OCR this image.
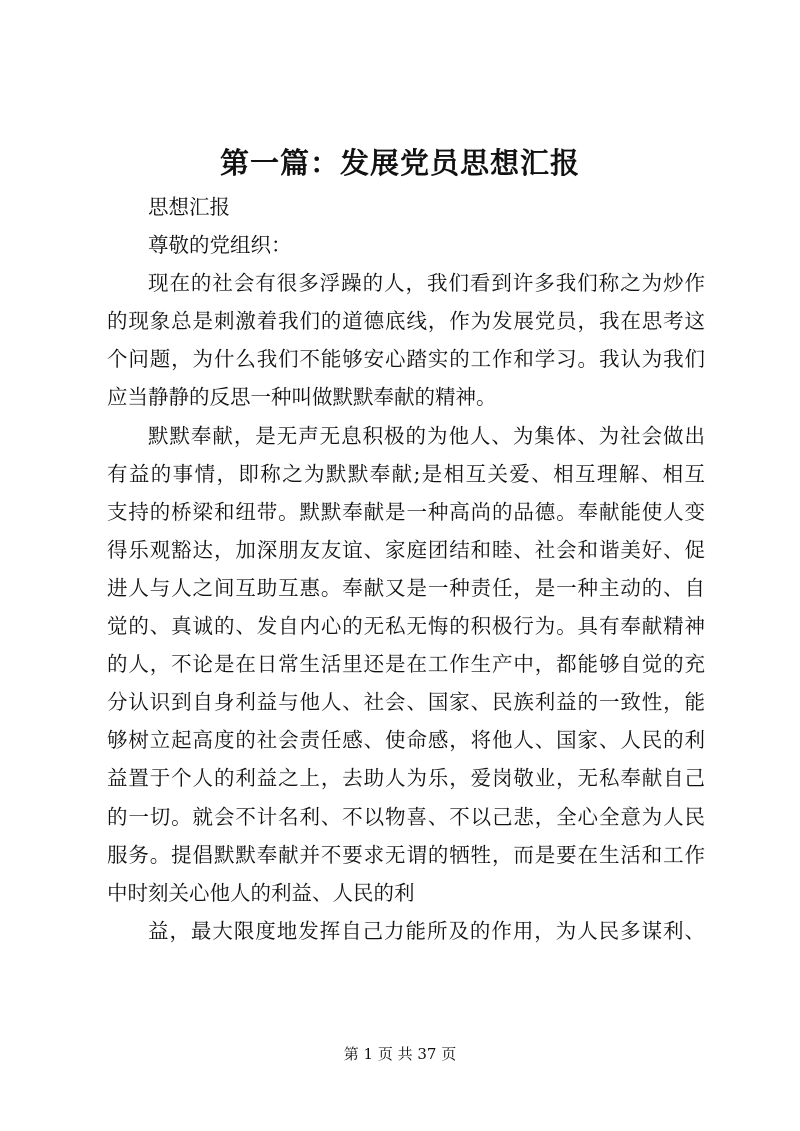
第一篇：发展党员思想汇报
思想汇报
尊敬的党组织：
现在的社会有很多浮躁的人，我们看到许多我们称之为炒作
的现象总是刺激着我们的道德底线，作为发展党员，我在思考这
个问题，为什么我们不能够安心踏实的工作和学习。我认为我们
应当静静的反思一种叫做默默奉献的精神。
默默奉献，是无声无息积极的为他人、为集体、为社会做出
有益的事情，即称之为默默奉献;是相互关爱、相互理解、相互
支持的桥梁和纽带。默默奉献是一种高尚的品德。奉献能使人变
得乐观豁达，加深朋友友谊、家庭团结和睦、社会和谐美好、促
进人与人之间互助互惠。奉献又是一种责任，是一种主动的、自
觉的、真诚的、发自内心的无私无悔的积极行为。具有奉献精神
的人，不论是在日常生活里还是在工作生产中，都能够自觉的充
分认识到自身利益与他人、社会、国家、民族利益的一致性，能
够树立起高度的社会责任感、使命感，将他人、国家、人民的利
益置于个人的利益之上，去助人为乐，爱岗敬业，无私奉献自己
的一切。就会不计名利、不以物喜、不以己悲，全心全意为人民
服务。提倡默默奉献并不要求无谓的牺牲，而是要在生活和工作
中时刻关心他人的利益、人民的利
益，最大限度地发挥自己力能所及的作用，为人民多谋利、
第 1 页 共 37 页
